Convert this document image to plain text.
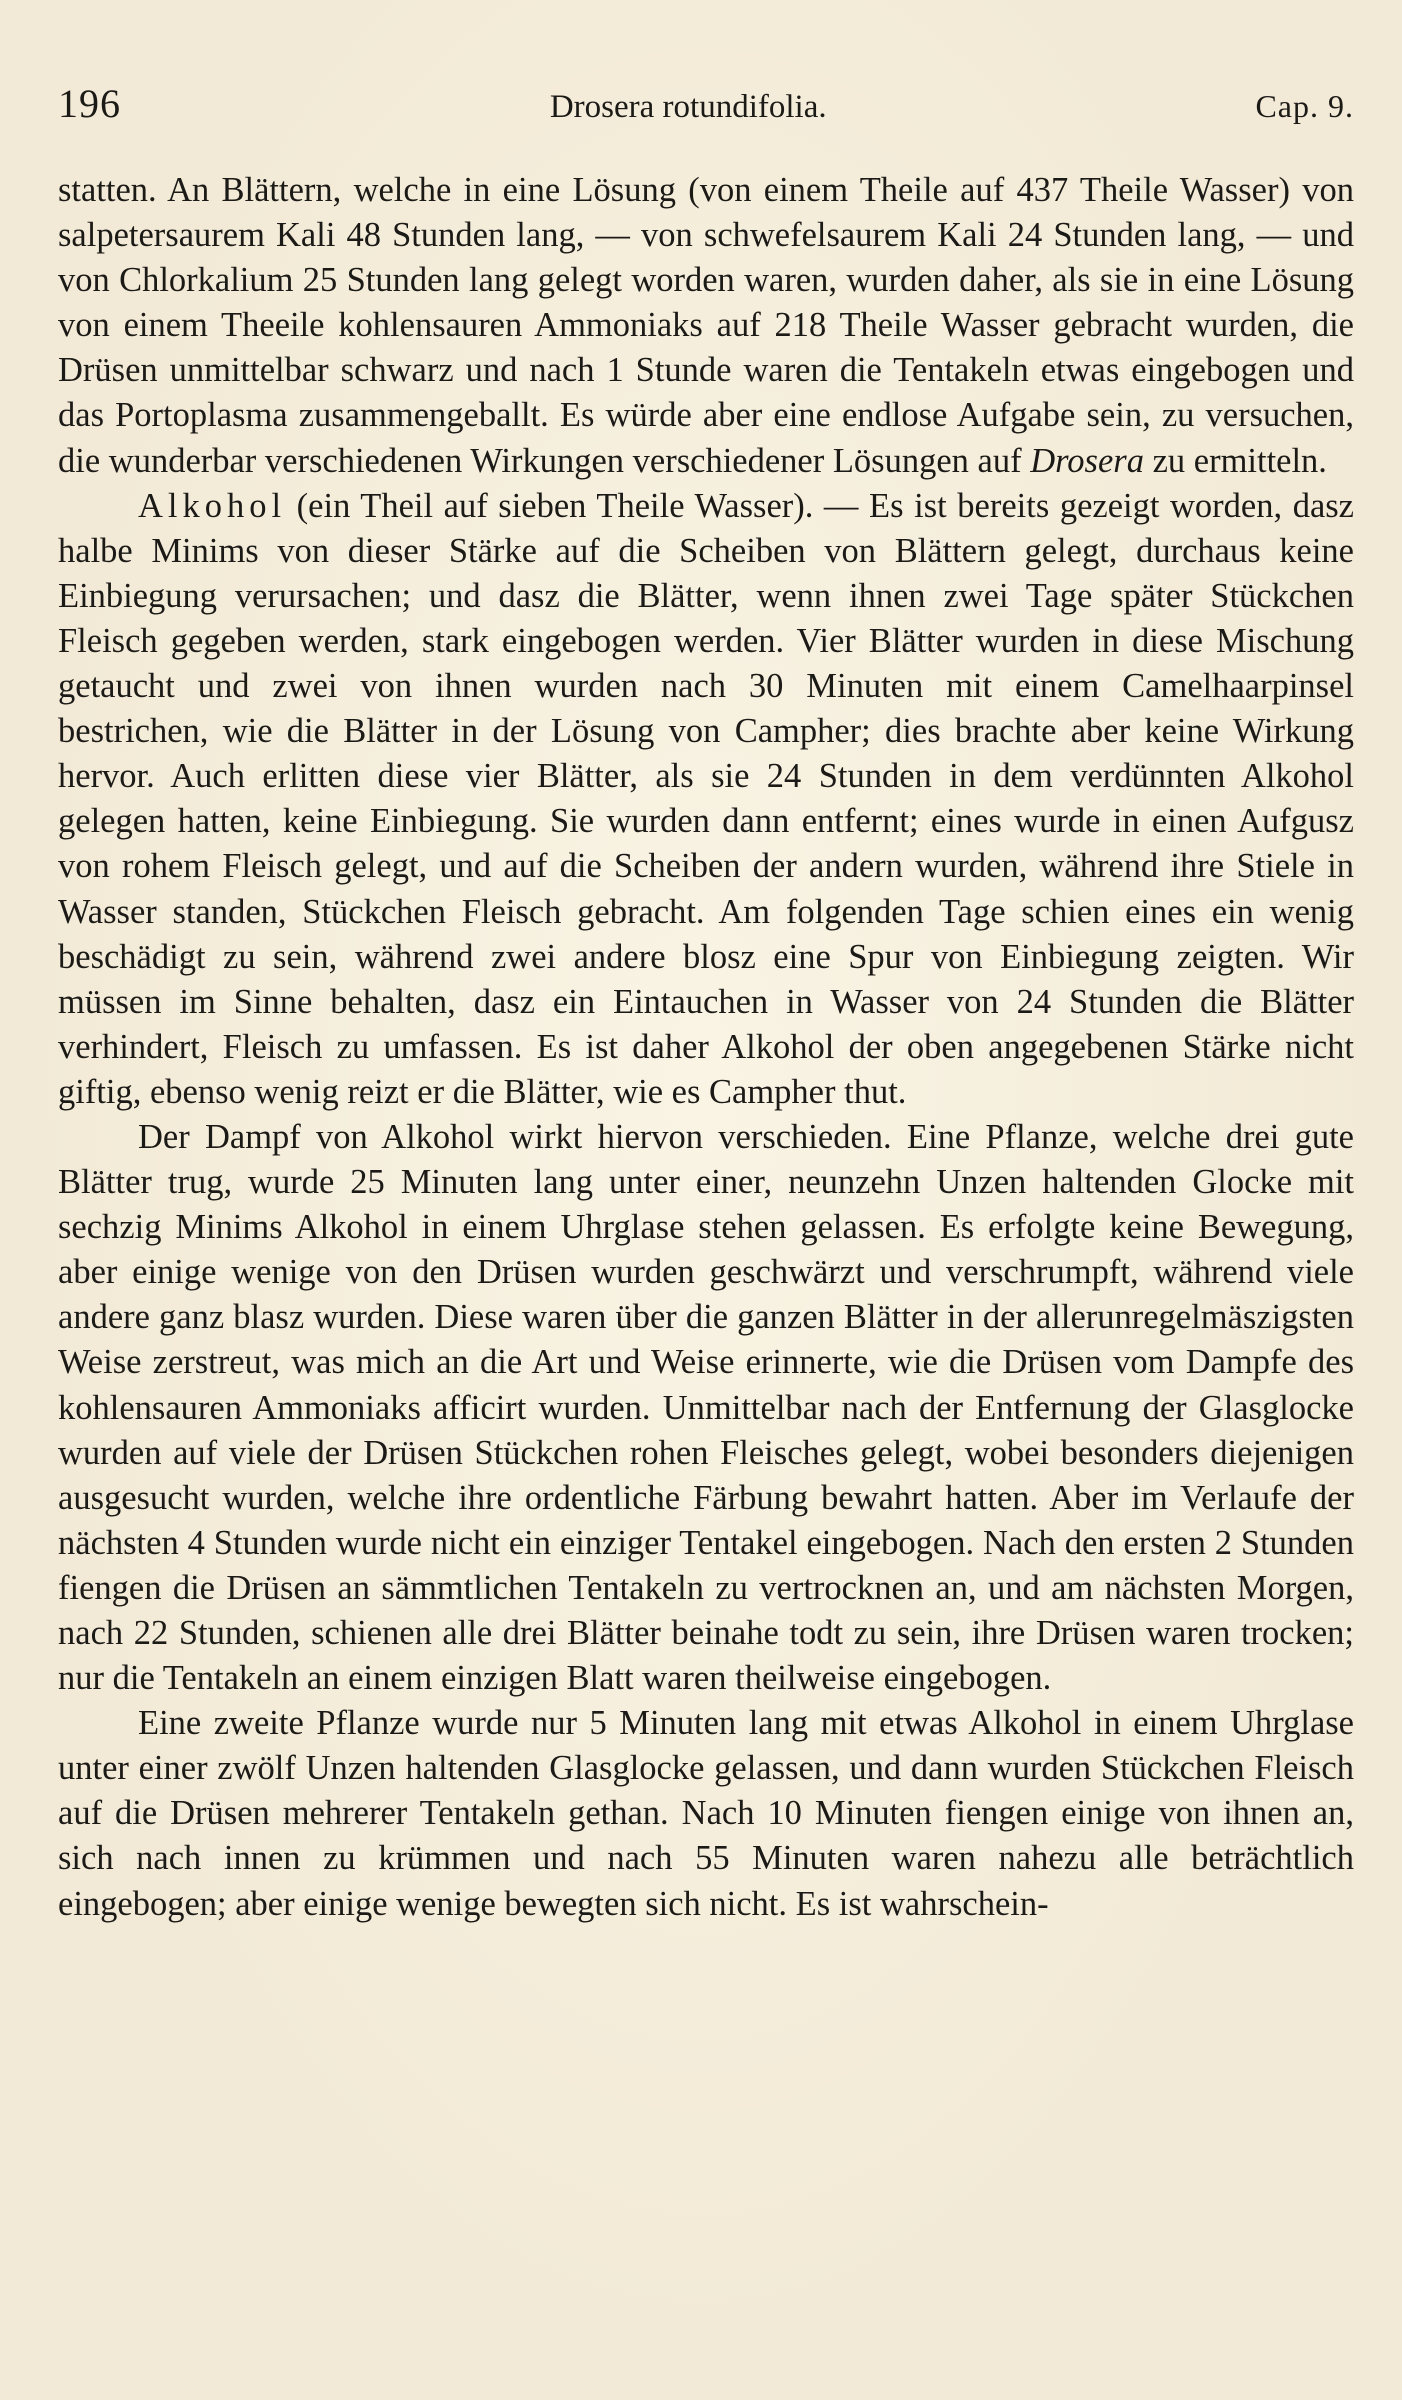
196	Drosera rotundifolia.	Cap. 9.

statten. An Blättern, welche in eine Lösung (von einem Theile auf 437 Theile Wasser) von salpetersaurem Kali 48 Stunden lang, — von schwefelsaurem Kali 24 Stunden lang, — und von Chlorkalium 25 Stunden lang gelegt worden waren, wurden daher, als sie in eine Lösung von einem Theeile kohlensauren Ammoniaks auf 218 Theile Wasser gebracht wurden, die Drüsen unmittelbar schwarz und nach 1 Stunde waren die Tentakeln etwas eingebogen und das Portoplasma zusammengeballt. Es würde aber eine endlose Aufgabe sein, zu versuchen, die wunderbar verschiedenen Wirkungen verschiedener Lösungen auf Drosera zu ermitteln.

Alkohol (ein Theil auf sieben Theile Wasser). — Es ist bereits gezeigt worden, dasz halbe Minims von dieser Stärke auf die Scheiben von Blättern gelegt, durchaus keine Einbiegung verursachen; und dasz die Blätter, wenn ihnen zwei Tage später Stückchen Fleisch gegeben werden, stark eingebogen werden. Vier Blätter wurden in diese Mischung getaucht und zwei von ihnen wurden nach 30 Minuten mit einem Camelhaarpinsel bestrichen, wie die Blätter in der Lösung von Campher; dies brachte aber keine Wirkung hervor. Auch erlitten diese vier Blätter, als sie 24 Stunden in dem verdünnten Alkohol gelegen hatten, keine Einbiegung. Sie wurden dann entfernt; eines wurde in einen Aufgusz von rohem Fleisch gelegt, und auf die Scheiben der andern wurden, während ihre Stiele in Wasser standen, Stückchen Fleisch gebracht. Am folgenden Tage schien eines ein wenig beschädigt zu sein, während zwei andere blosz eine Spur von Einbiegung zeigten. Wir müssen im Sinne behalten, dasz ein Eintauchen in Wasser von 24 Stunden die Blätter verhindert, Fleisch zu umfassen. Es ist daher Alkohol der oben angegebenen Stärke nicht giftig, ebenso wenig reizt er die Blätter, wie es Campher thut.

Der Dampf von Alkohol wirkt hiervon verschieden. Eine Pflanze, welche drei gute Blätter trug, wurde 25 Minuten lang unter einer, neunzehn Unzen haltenden Glocke mit sechzig Minims Alkohol in einem Uhrglase stehen gelassen. Es erfolgte keine Bewegung, aber einige wenige von den Drüsen wurden geschwärzt und verschrumpft, während viele andere ganz blasz wurden. Diese waren über die ganzen Blätter in der allerunregelmäszigsten Weise zerstreut, was mich an die Art und Weise erinnerte, wie die Drüsen vom Dampfe des kohlensauren Ammoniaks afficirt wurden. Unmittelbar nach der Entfernung der Glasglocke wurden auf viele der Drüsen Stückchen rohen Fleisches gelegt, wobei besonders diejenigen ausgesucht wurden, welche ihre ordentliche Färbung bewahrt hatten. Aber im Verlaufe der nächsten 4 Stunden wurde nicht ein einziger Tentakel eingebogen. Nach den ersten 2 Stunden fiengen die Drüsen an sämmtlichen Tentakeln zu vertrocknen an, und am nächsten Morgen, nach 22 Stunden, schienen alle drei Blätter beinahe todt zu sein, ihre Drüsen waren trocken; nur die Tentakeln an einem einzigen Blatt waren theilweise eingebogen.

Eine zweite Pflanze wurde nur 5 Minuten lang mit etwas Alkohol in einem Uhrglase unter einer zwölf Unzen haltenden Glasglocke gelassen, und dann wurden Stückchen Fleisch auf die Drüsen mehrerer Tentakeln gethan. Nach 10 Minuten fiengen einige von ihnen an, sich nach innen zu krümmen und nach 55 Minuten waren nahezu alle beträchtlich eingebogen; aber einige wenige bewegten sich nicht. Es ist wahrschein-
